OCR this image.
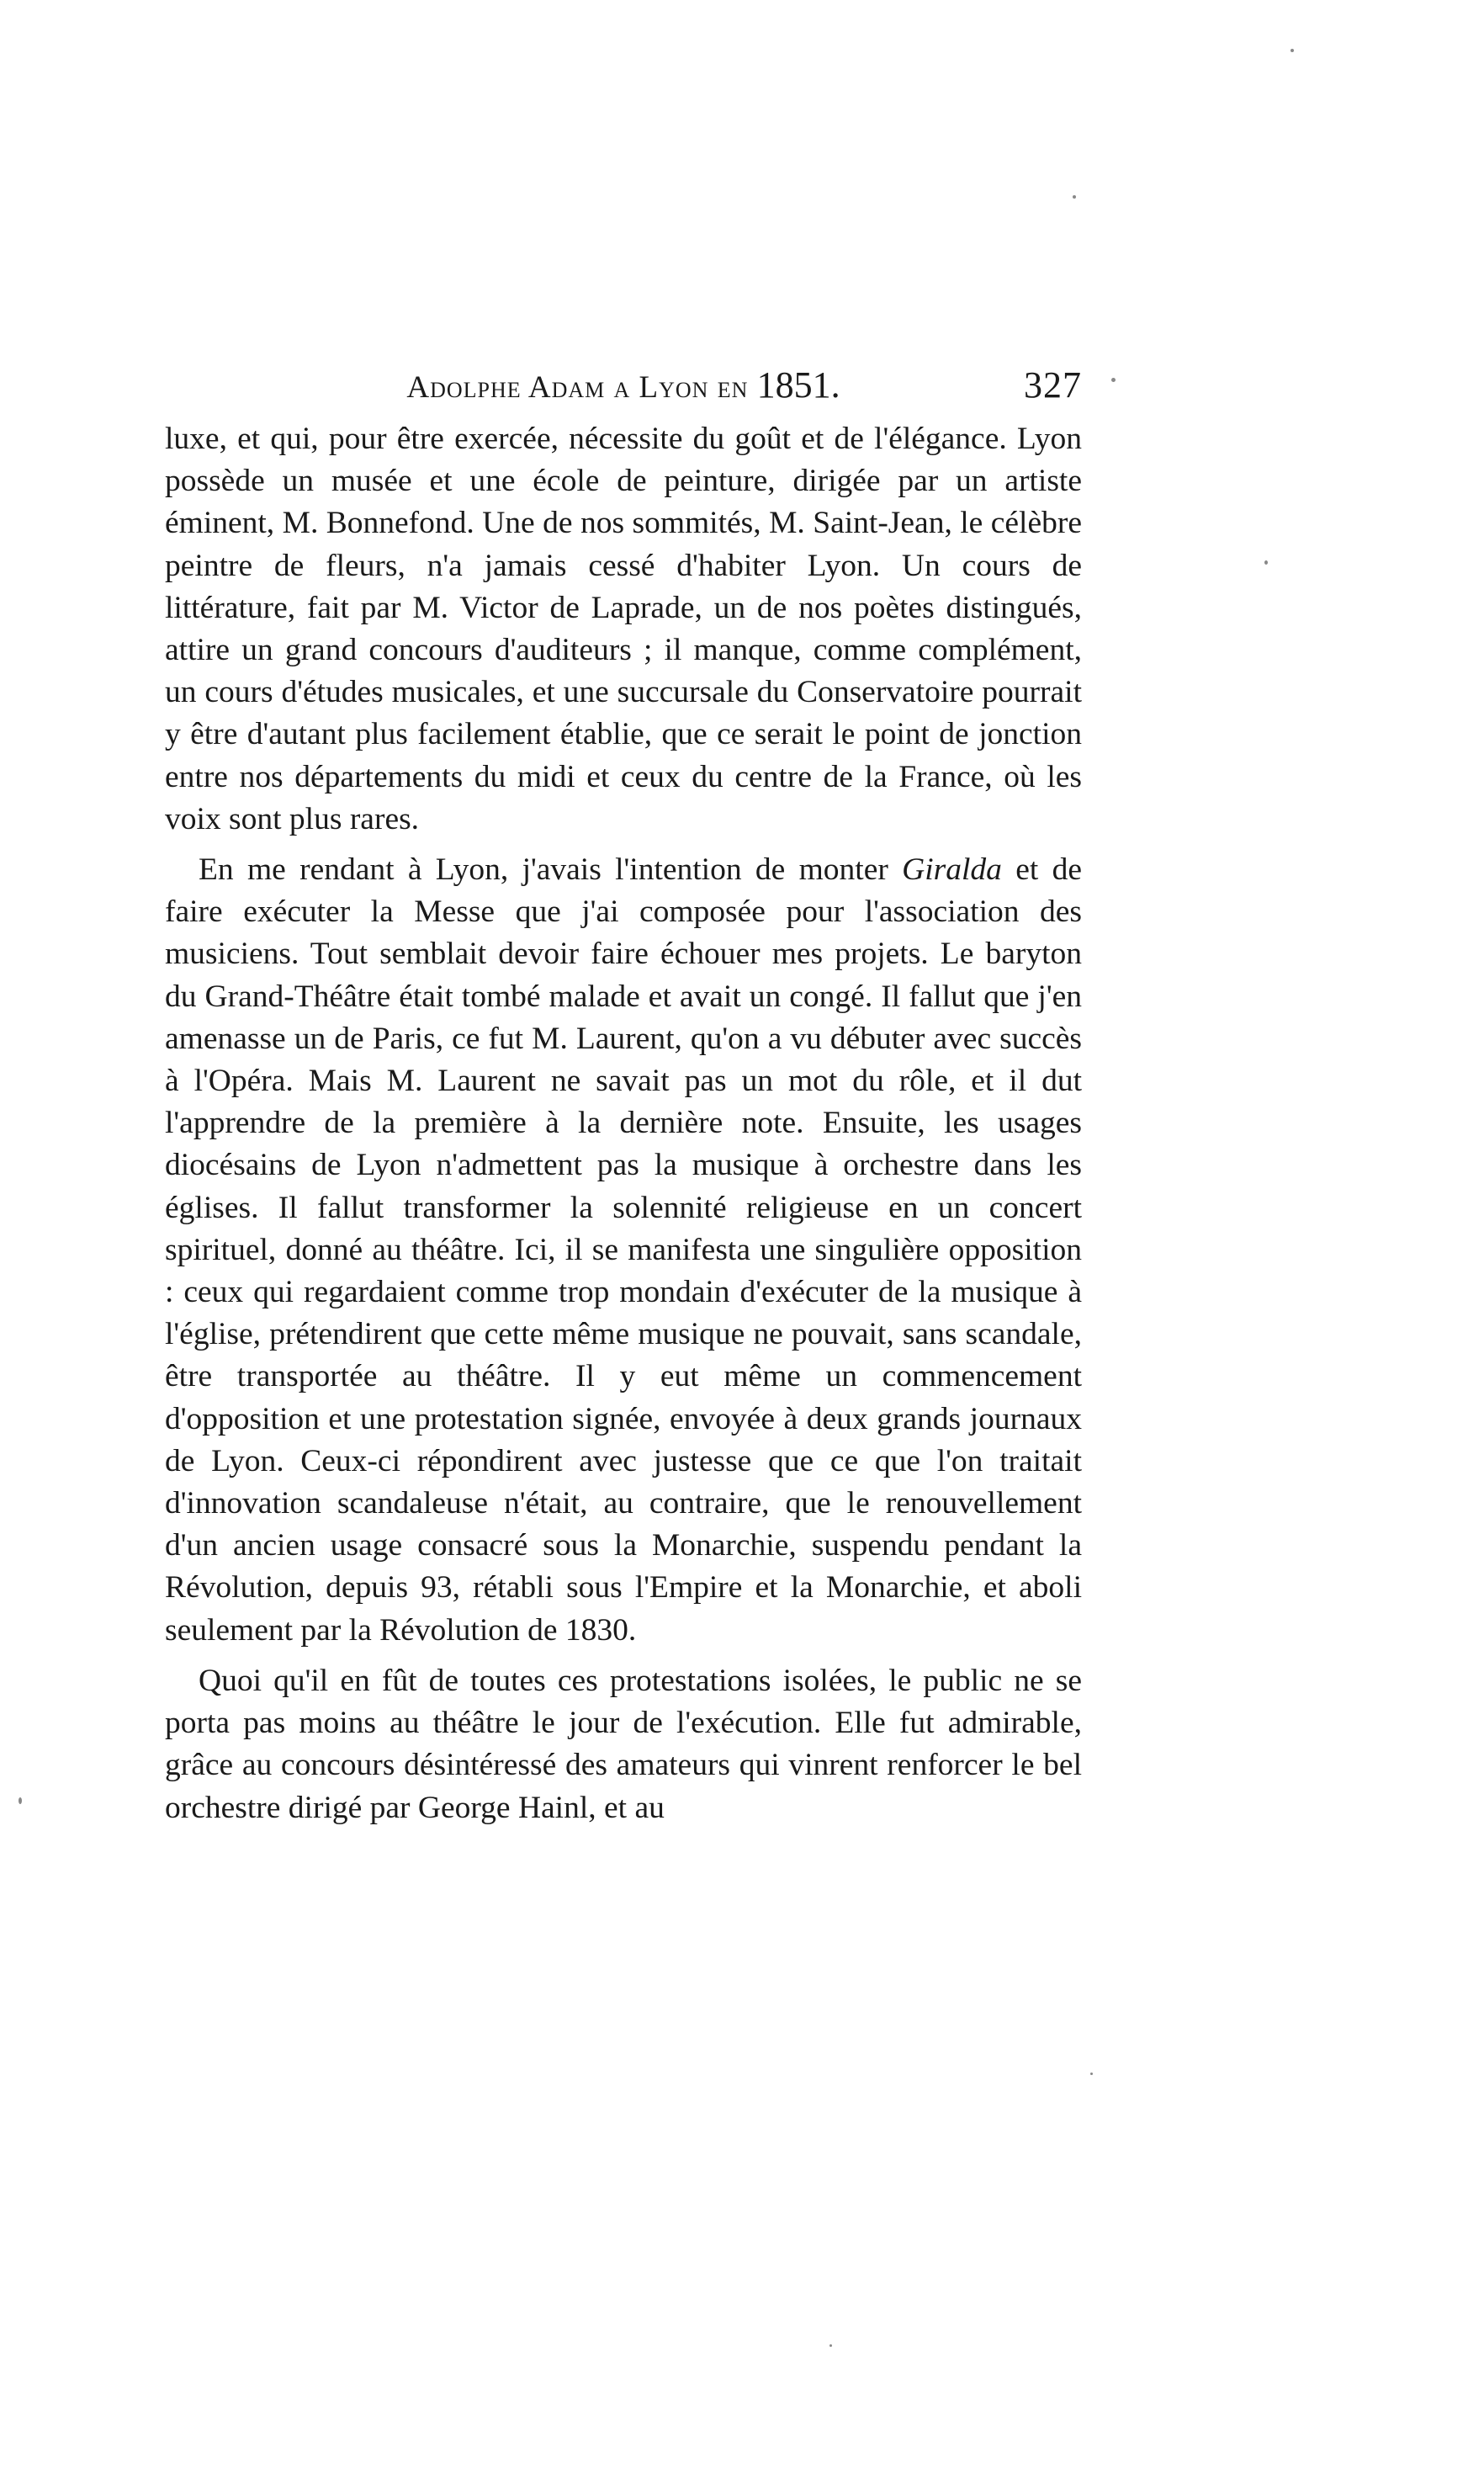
Adolphe Adam a Lyon en 1851.	327

luxe, et qui, pour être exercée, nécessite du goût et de l'élégance. Lyon possède un musée et une école de peinture, dirigée par un artiste éminent, M. Bonnefond. Une de nos sommités, M. Saint-Jean, le célèbre peintre de fleurs, n'a jamais cessé d'habiter Lyon. Un cours de littérature, fait par M. Victor de Laprade, un de nos poètes distingués, attire un grand concours d'auditeurs ; il manque, comme complément, un cours d'études musicales, et une succursale du Conservatoire pourrait y être d'autant plus facilement établie, que ce serait le point de jonction entre nos départements du midi et ceux du centre de la France, où les voix sont plus rares.

En me rendant à Lyon, j'avais l'intention de monter Giralda et de faire exécuter la Messe que j'ai composée pour l'association des musiciens. Tout semblait devoir faire échouer mes projets. Le baryton du Grand-Théâtre était tombé malade et avait un congé. Il fallut que j'en amenasse un de Paris, ce fut M. Laurent, qu'on a vu débuter avec succès à l'Opéra. Mais M. Laurent ne savait pas un mot du rôle, et il dut l'apprendre de la première à la dernière note. Ensuite, les usages diocésains de Lyon n'admettent pas la musique à orchestre dans les églises. Il fallut transformer la solennité religieuse en un concert spirituel, donné au théâtre. Ici, il se manifesta une singulière opposition : ceux qui regardaient comme trop mondain d'exécuter de la musique à l'église, prétendirent que cette même musique ne pouvait, sans scandale, être transportée au théâtre. Il y eut même un commencement d'opposition et une protestation signée, envoyée à deux grands journaux de Lyon. Ceux-ci répondirent avec justesse que ce que l'on traitait d'innovation scandaleuse n'était, au contraire, que le renouvellement d'un ancien usage consacré sous la Monarchie, suspendu pendant la Révolution, depuis 93, rétabli sous l'Empire et la Monarchie, et aboli seulement par la Révolution de 1830.

Quoi qu'il en fût de toutes ces protestations isolées, le public ne se porta pas moins au théâtre le jour de l'exécution. Elle fut admirable, grâce au concours désintéressé des amateurs qui vinrent renforcer le bel orchestre dirigé par George Hainl, et au
